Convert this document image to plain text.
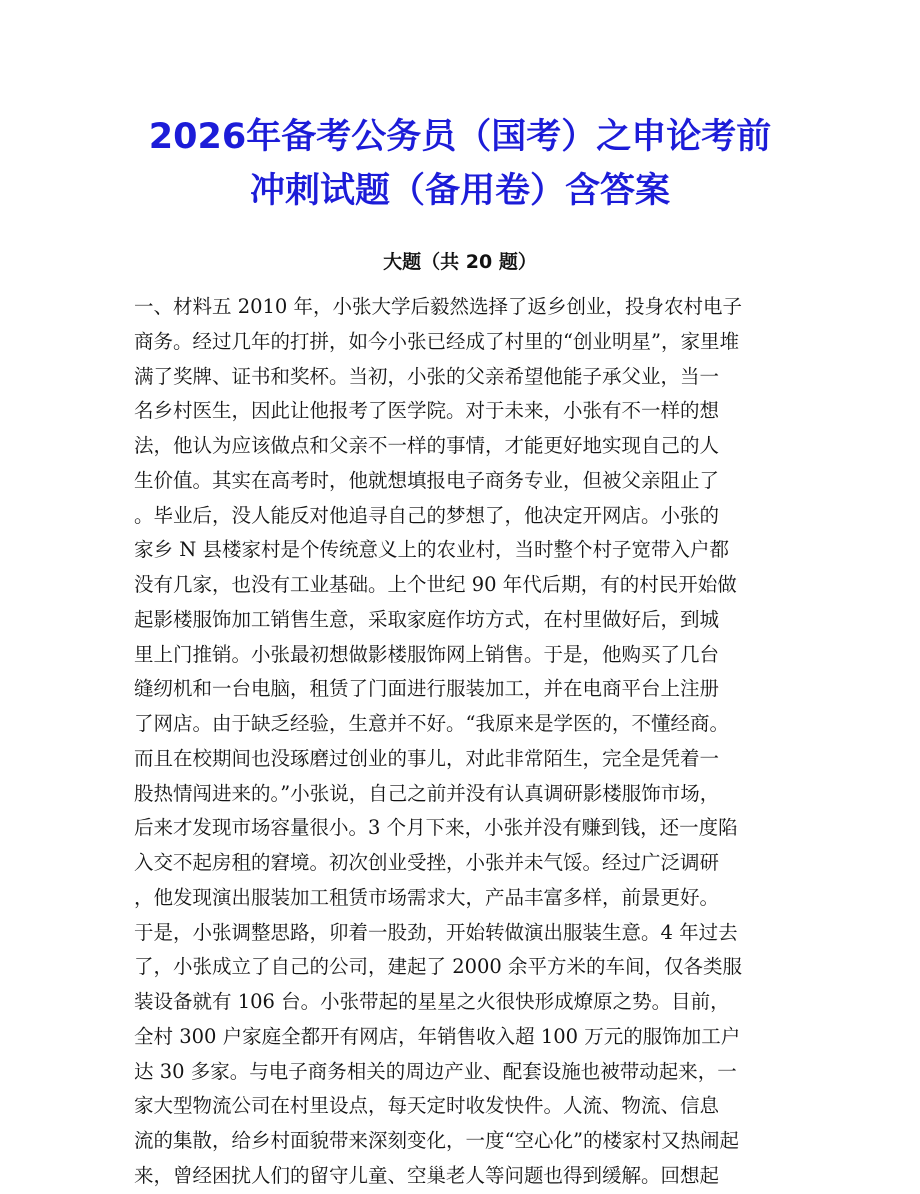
2026年备考公务员（国考）之申论考前
冲刺试题（备用卷）含答案
大题（共 20 题）
一、材料五 2010 年，小张大学后毅然选择了返乡创业，投身农村电子
商务。经过几年的打拼，如今小张已经成了村里的“创业明星”，家里堆
满了奖牌、证书和奖杯。当初，小张的父亲希望他能子承父业，当一
名乡村医生，因此让他报考了医学院。对于未来，小张有不一样的想
法，他认为应该做点和父亲不一样的事情，才能更好地实现自己的人
生价值。其实在高考时，他就想填报电子商务专业，但被父亲阻止了
。毕业后，没人能反对他追寻自己的梦想了，他决定开网店。小张的
家乡 N 县楼家村是个传统意义上的农业村，当时整个村子宽带入户都
没有几家，也没有工业基础。上个世纪 90 年代后期，有的村民开始做
起影楼服饰加工销售生意，采取家庭作坊方式，在村里做好后，到城
里上门推销。小张最初想做影楼服饰网上销售。于是，他购买了几台
缝纫机和一台电脑，租赁了门面进行服装加工，并在电商平台上注册
了网店。由于缺乏经验，生意并不好。“我原来是学医的，不懂经商。
而且在校期间也没琢磨过创业的事儿，对此非常陌生，完全是凭着一
股热情闯进来的。”小张说，自己之前并没有认真调研影楼服饰市场，
后来才发现市场容量很小。3 个月下来，小张并没有赚到钱，还一度陷
入交不起房租的窘境。初次创业受挫，小张并未气馁。经过广泛调研
，他发现演出服装加工租赁市场需求大，产品丰富多样，前景更好。
于是，小张调整思路，卯着一股劲，开始转做演出服装生意。4 年过去
了，小张成立了自己的公司，建起了 2000 余平方米的车间，仅各类服
装设备就有 106 台。小张带起的星星之火很快形成燎原之势。目前，
全村 300 户家庭全都开有网店，年销售收入超 100 万元的服饰加工户
达 30 多家。与电子商务相关的周边产业、配套设施也被带动起来，一
家大型物流公司在村里设点，每天定时收发快件。人流、物流、信息
流的集散，给乡村面貌带来深刻变化，一度“空心化”的楼家村又热闹起
来，曾经困扰人们的留守儿童、空巢老人等问题也得到缓解。回想起
